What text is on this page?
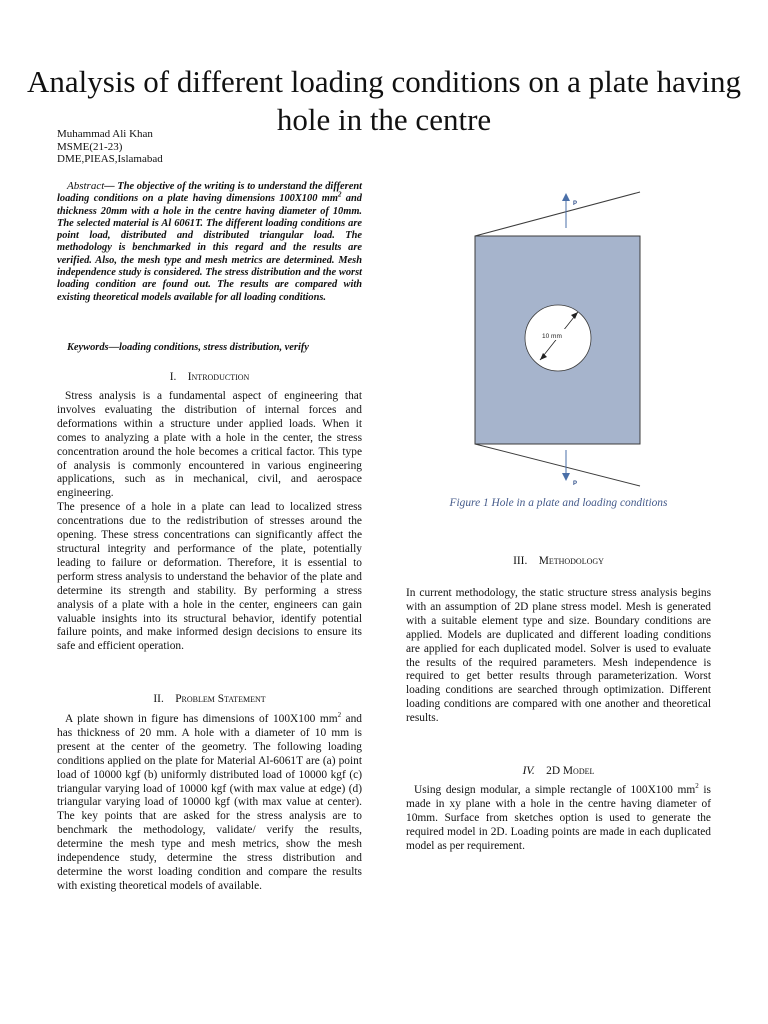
Analysis of different loading conditions on a plate having hole in the centre
Muhammad Ali Khan
MSME(21-23)
DME,PIEAS,Islamabad
Abstract— The objective of the writing is to understand the different loading conditions on a plate having dimensions 100X100 $mm^2$ and thickness 20mm with a hole in the centre having diameter of 10mm. The selected material is Al 6061T. The different loading conditions are point load, distributed and distributed triangular load. The methodology is benchmarked in this regard and the results are verified. Also, the mesh type and mesh metrics are determined. Mesh independence study is considered. The stress distribution and the worst loading condition are found out. The results are compared with existing theoretical models available for all loading conditions.
Keywords—loading conditions, stress distribution, verify
I. Introduction

Stress analysis is a fundamental aspect of engineering that involves evaluating the distribution of internal forces and deformations within a structure under applied loads. When it comes to analyzing a plate with a hole in the center, the stress concentration around the hole becomes a critical factor. This type of analysis is commonly encountered in various engineering applications, such as in mechanical, civil, and aerospace engineering.

The presence of a hole in a plate can lead to localized stress concentrations due to the redistribution of stresses around the opening. These stress concentrations can significantly affect the structural integrity and performance of the plate, potentially leading to failure or deformation. Therefore, it is essential to perform stress analysis to understand the behavior of the plate and determine its strength and stability. By performing a stress analysis of a plate with a hole in the center, engineers can gain valuable insights into its structural behavior, identify potential failure points, and make informed design decisions to ensure its safe and efficient operation.

II. Problem Statement

A plate shown in figure has dimensions of 100X100 $mm^2$ and has thickness of 20 mm. A hole with a diameter of 10 mm is present at the center of the geometry. The following loading conditions applied on the plate for Material Al-6061T are (a) point load of 10000 kgf (b) uniformly distributed load of 10000 kgf (c) triangular varying load of 10000 kgf (with max value at edge) (d) triangular varying load of 10000 kgf (with max value at center). The key points that are asked for the stress analysis are to benchmark the methodology, validate/ verify the results, determine the mesh type and mesh metrics, show the mesh independence study, determine the stress distribution and determine the worst loading condition and compare the results with existing theoretical models of available.

10 mm
P
P
Figure 1 Hole in a plate and loading conditions
III. Methodology

In current methodology, the static structure stress analysis begins with an assumption of 2D plane stress model. Mesh is generated with a suitable element type and size. Boundary conditions are applied. Models are duplicated and different loading conditions are applied for each duplicated model. Solver is used to evaluate the results of the required parameters. Mesh independence is required to get better results through parameterization. Worst loading conditions are searched through optimization. Different loading conditions are compared with one another and theoretical results.

IV. 2D Model

Using design modular, a simple rectangle of 100X100 $mm^2$ is made in xy plane with a hole in the centre having diameter of 10mm. Surface from sketches option is used to generate the required model in 2D. Loading points are made in each duplicated model as per requirement.
